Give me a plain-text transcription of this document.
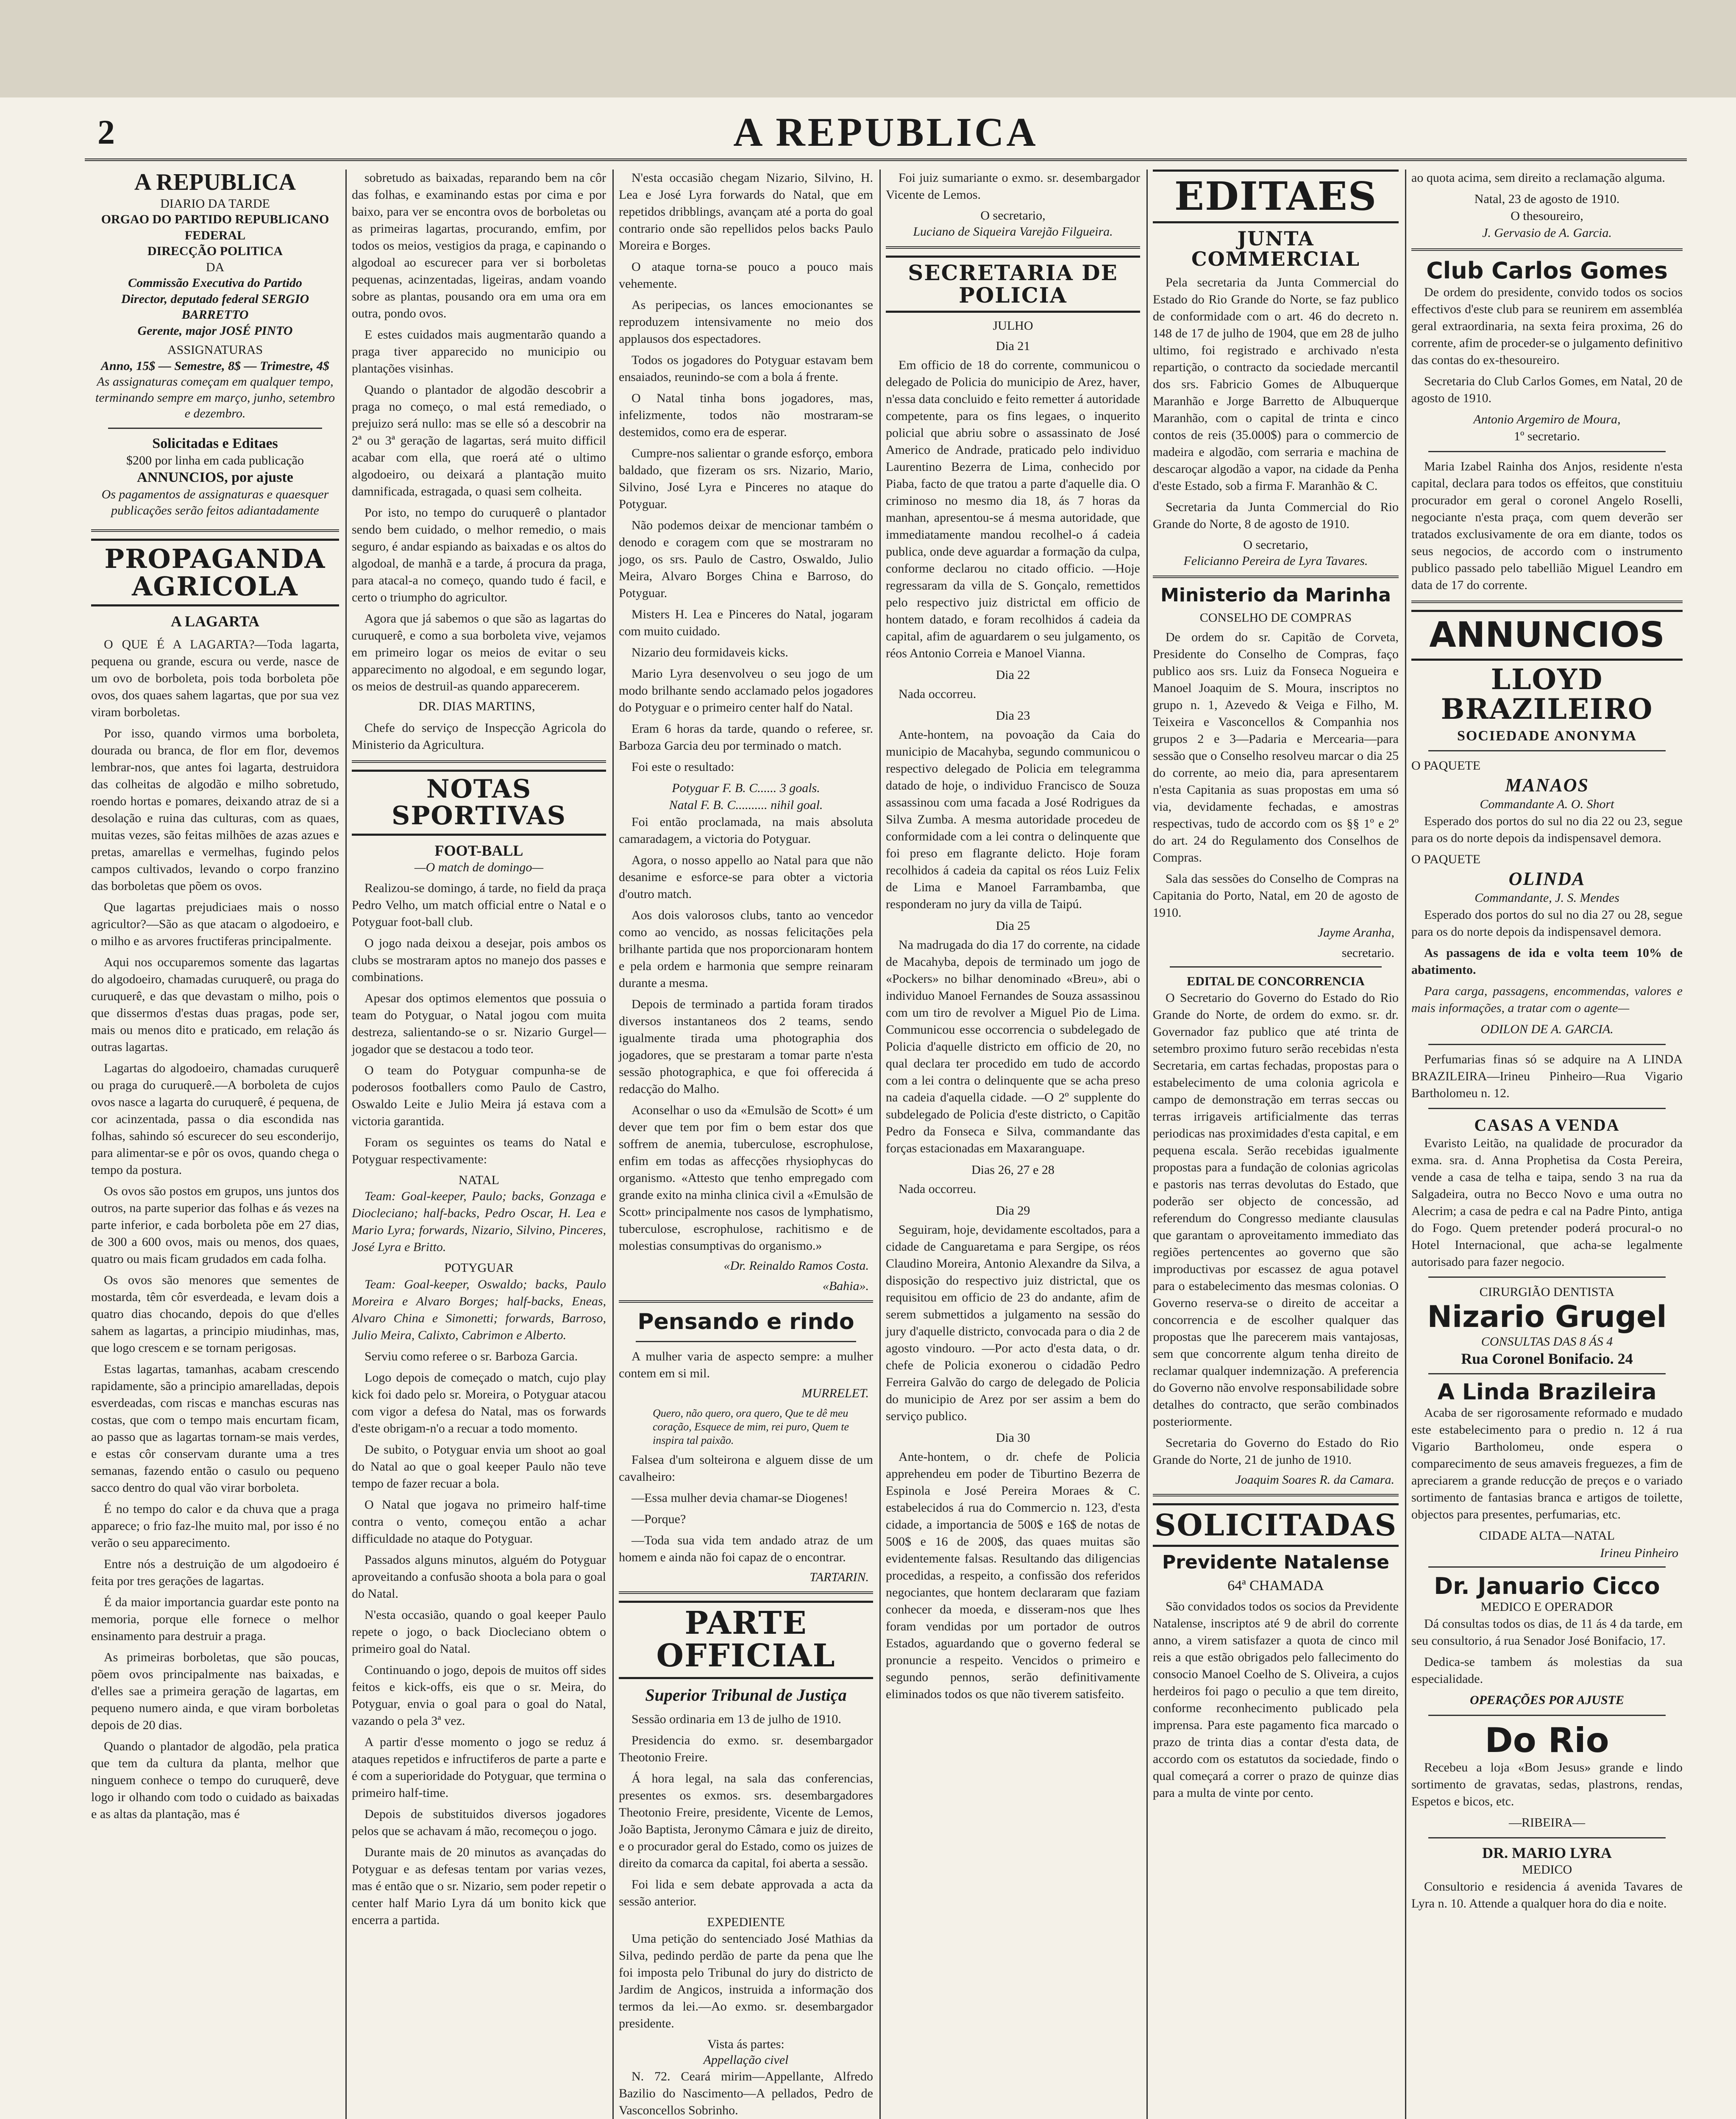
2	A REPUBLICA
A REPUBLICA
DIARIO DA TARDE
ORGAO DO PARTIDO REPUBLICANO FEDERAL
DIRECÇÃO POLITICA
DA
Commissão Executiva do Partido
Director, deputado federal SERGIO BARRETTO
Gerente, major JOSÉ PINTO
ASSIGNATURAS
Anno, 15$ — Semestre, 8$ — Trimestre, 4$
As assignaturas começam em qualquer tempo, terminando sempre em março, junho, setembro e dezembro.
Solicitadas e Editaes
$200 por linha em cada publicação
ANNUNCIOS, por ajuste
Os pagamentos de assignaturas e quaesquer publicações serão feitos adiantadamente
PROPAGANDA AGRICOLA
A LAGARTA

O QUE É A LAGARTA?—Toda lagarta, pequena ou grande, escura ou verde, nasce de um ovo de borboleta, pois toda borboleta põe ovos, dos quaes sahem lagartas, que por sua vez viram borboletas.

Por isso, quando virmos uma borboleta, dourada ou branca, de flor em flor, devemos lembrar-nos, que antes foi lagarta, destruidora das colheitas de algodão e milho sobretudo, roendo hortas e pomares, deixando atraz de si a desolação e ruina das culturas, com as quaes, muitas vezes, são feitas milhões de azas azues e pretas, amarellas e vermelhas, fugindo pelos campos cultivados, levando o corpo franzino das borboletas que põem os ovos.

Que lagartas prejudiciaes mais o nosso agricultor?—São as que atacam o algodoeiro, e o milho e as arvores fructiferas principalmente.

Aqui nos occuparemos somente das lagartas do algodoeiro, chamadas curuquerê, ou praga do curuquerê, e das que devastam o milho, pois o que dissermos d'estas duas pragas, pode ser, mais ou menos dito e praticado, em relação ás outras lagartas.

Lagartas do algodoeiro, chamadas curuquerê ou praga do curuquerê.—A borboleta de cujos ovos nasce a lagarta do curuquerê, é pequena, de cor acinzentada, passa o dia escondida nas folhas, sahindo só escurecer do seu esconderijo, para alimentar-se e pôr os ovos, quando chega o tempo da postura.

Os ovos são postos em grupos, uns juntos dos outros, na parte superior das folhas e ás vezes na parte inferior, e cada borboleta põe em 27 dias, de 300 a 600 ovos, mais ou menos, dos quaes, quatro ou mais ficam grudados em cada folha.

Os ovos são menores que sementes de mostarda, têm côr esverdeada, e levam dois a quatro dias chocando, depois do que d'elles sahem as lagartas, a principio miudinhas, mas, que logo crescem e se tornam perigosas.

Estas lagartas, tamanhas, acabam crescendo rapidamente, são a principio amarelladas, depois esverdeadas, com riscas e manchas escuras nas costas, que com o tempo mais encurtam ficam, ao passo que as lagartas tornam-se mais verdes, e estas côr conservam durante uma a tres semanas, fazendo então o casulo ou pequeno sacco dentro do qual vão virar borboleta.

É no tempo do calor e da chuva que a praga apparece; o frio faz-lhe muito mal, por isso é no verão o seu apparecimento.

Entre nós a destruição de um algodoeiro é feita por tres gerações de lagartas.

É da maior importancia guardar este ponto na memoria, porque elle fornece o melhor ensinamento para destruir a praga.

As primeiras borboletas, que são poucas, põem ovos principalmente nas baixadas, e d'elles sae a primeira geração de lagartas, em pequeno numero ainda, e que viram borboletas depois de 20 dias.

Quando o plantador de algodão, pela pratica que tem da cultura da planta, melhor que ninguem conhece o tempo do curuquerê, deve logo ir olhando com todo o cuidado as baixadas e as altas da plantação, mas é

sobretudo as baixadas, reparando bem na côr das folhas, e examinando estas por cima e por baixo, para ver se encontra ovos de borboletas ou as primeiras lagartas, procurando, emfim, por todos os meios, vestigios da praga, e capinando o algodoal ao escurecer para ver si borboletas pequenas, acinzentadas, ligeiras, andam voando sobre as plantas, pousando ora em uma ora em outra, pondo ovos.

E estes cuidados mais augmentarão quando a praga tiver apparecido no municipio ou plantações visinhas.

Quando o plantador de algodão descobrir a praga no começo, o mal está remediado, o prejuizo será nullo: mas se elle só a descobrir na 2ª ou 3ª geração de lagartas, será muito difficil acabar com ella, que roerá até o ultimo algodoeiro, ou deixará a plantação muito damnificada, estragada, o quasi sem colheita.

Por isto, no tempo do curuquerê o plantador sendo bem cuidado, o melhor remedio, o mais seguro, é andar espiando as baixadas e os altos do algodoal, de manhã e a tarde, á procura da praga, para atacal-a no começo, quando tudo é facil, e certo o triumpho do agricultor.

Agora que já sabemos o que são as lagartas do curuquerê, e como a sua borboleta vive, vejamos em primeiro logar os meios de evitar o seu apparecimento no algodoal, e em segundo logar, os meios de destruil-as quando apparecerem.

DR. DIAS MARTINS,

Chefe do serviço de Inspecção Agricola do Ministerio da Agricultura.

NOTAS SPORTIVAS
FOOT-BALL
—O match de domingo—

Realizou-se domingo, á tarde, no field da praça Pedro Velho, um match official entre o Natal e o Potyguar foot-ball club.

O jogo nada deixou a desejar, pois ambos os clubs se mostraram aptos no manejo dos passes e combinations.

Apesar dos optimos elementos que possuia o team do Potyguar, o Natal jogou com muita destreza, salientando-se o sr. Nizario Gurgel—jogador que se destacou a todo teor.

O team do Potyguar compunha-se de poderosos footballers como Paulo de Castro, Oswaldo Leite e Julio Meira já estava com a victoria garantida.

Foram os seguintes os teams do Natal e Potyguar respectivamente:

NATAL

Team: Goal-keeper, Paulo; backs, Gonzaga e Diocleciano; half-backs, Pedro Oscar, H. Lea e Mario Lyra; forwards, Nizario, Silvino, Pinceres, José Lyra e Britto.

POTYGUAR

Team: Goal-keeper, Oswaldo; backs, Paulo Moreira e Alvaro Borges; half-backs, Eneas, Alvaro China e Simonetti; forwards, Barroso, Julio Meira, Calixto, Cabrimon e Alberto.

Serviu como referee o sr. Barboza Garcia.

Logo depois de começado o match, cujo play kick foi dado pelo sr. Moreira, o Potyguar atacou com vigor a defesa do Natal, mas os forwards d'este obrigam-n'o a recuar a todo momento.

De subito, o Potyguar envia um shoot ao goal do Natal ao que o goal keeper Paulo não teve tempo de fazer recuar a bola.

O Natal que jogava no primeiro half-time contra o vento, começou então a achar difficuldade no ataque do Potyguar.

Passados alguns minutos, alguém do Potyguar aproveitando a confusão shoota a bola para o goal do Natal.

N'esta occasião, quando o goal keeper Paulo repete o jogo, o back Diocleciano obtem o primeiro goal do Natal.

Continuando o jogo, depois de muitos off sides feitos e kick-offs, eis que o sr. Meira, do Potyguar, envia o goal para o goal do Natal, vazando o pela 3ª vez.

A partir d'esse momento o jogo se reduz á ataques repetidos e infructiferos de parte a parte e é com a superioridade do Potyguar, que termina o primeiro half-time.

Depois de substituidos diversos jogadores pelos que se achavam á mão, recomeçou o jogo.

Durante mais de 20 minutos as avançadas do Potyguar e as defesas tentam por varias vezes, mas é então que o sr. Nizario, sem poder repetir o center half Mario Lyra dá um bonito kick que encerra a partida.

N'esta occasião chegam Nizario, Silvino, H. Lea e José Lyra forwards do Natal, que em repetidos dribblings, avançam até a porta do goal contrario onde são repellidos pelos backs Paulo Moreira e Borges.

O ataque torna-se pouco a pouco mais vehemente.

As peripecias, os lances emocionantes se reproduzem intensivamente no meio dos applausos dos espectadores.

Todos os jogadores do Potyguar estavam bem ensaiados, reunindo-se com a bola á frente.

O Natal tinha bons jogadores, mas, infelizmente, todos não mostraram-se destemidos, como era de esperar.

Cumpre-nos salientar o grande esforço, embora baldado, que fizeram os srs. Nizario, Mario, Silvino, José Lyra e Pinceres no ataque do Potyguar.

Não podemos deixar de mencionar também o denodo e coragem com que se mostraram no jogo, os srs. Paulo de Castro, Oswaldo, Julio Meira, Alvaro Borges China e Barroso, do Potyguar.

Misters H. Lea e Pinceres do Natal, jogaram com muito cuidado.

Nizario deu formidaveis kicks.

Mario Lyra desenvolveu o seu jogo de um modo brilhante sendo acclamado pelos jogadores do Potyguar e o primeiro center half do Natal.

Eram 6 horas da tarde, quando o referee, sr. Barboza Garcia deu por terminado o match.

Foi este o resultado:

Potyguar F. B. C...... 3 goals.
Natal F. B. C.......... nihil goal.

Foi então proclamada, na mais absoluta camaradagem, a victoria do Potyguar.

Agora, o nosso appello ao Natal para que não desanime e esforce-se para obter a victoria d'outro match.

Aos dois valorosos clubs, tanto ao vencedor como ao vencido, as nossas felicitações pela brilhante partida que nos proporcionaram hontem e pela ordem e harmonia que sempre reinaram durante a mesma.

Depois de terminado a partida foram tirados diversos instantaneos dos 2 teams, sendo igualmente tirada uma photographia dos jogadores, que se prestaram a tomar parte n'esta sessão photographica, e que foi offerecida á redacção do Malho.

Aconselhar o uso da «Emulsão de Scott» é um dever que tem por fim o bem estar dos que soffrem de anemia, tuberculose, escrophulose, enfim em todas as affecções rhysiophycas do organismo. «Attesto que tenho empregado com grande exito na minha clinica civil a «Emulsão de Scott» principalmente nos casos de lymphatismo, tuberculose, escrophulose, rachitismo e de molestias consumptivas do organismo.»

«Dr. Reinaldo Ramos Costa.
«Bahia».
Pensando e rindo

A mulher varia de aspecto sempre: a mulher contem em si mil.

MURRELET.
Quero, não quero, ora quero, Que te dê meu coração, Esquece de mim, rei puro, Quem te inspira tal paixão.

Falsea d'um solteirona e alguem disse de um cavalheiro:

—Essa mulher devia chamar-se Diogenes!

—Porque?

—Toda sua vida tem andado atraz de um homem e ainda não foi capaz de o encontrar.

TARTARIN.
PARTE OFFICIAL
Superior Tribunal de Justiça

Sessão ordinaria em 13 de julho de 1910.

Presidencia do exmo. sr. desembargador Theotonio Freire.

Á hora legal, na sala das conferencias, presentes os exmos. srs. desembargadores Theotonio Freire, presidente, Vicente de Lemos, João Baptista, Jeronymo Câmara e juiz de direito, e o procurador geral do Estado, como os juizes de direito da comarca da capital, foi aberta a sessão.

Foi lida e sem debate approvada a acta da sessão anterior.

EXPEDIENTE

Uma petição do sentenciado José Mathias da Silva, pedindo perdão de parte da pena que lhe foi imposta pelo Tribunal do jury do districto de Jardim de Angicos, instruida a informação dos termos da lei.—Ao exmo. sr. desembargador presidente.

Vista ás partes:
Appellação civel

N. 72. Ceará mirim—Appellante, Alfredo Bazilio do Nascimento—A pellados, Pedro de Vasconcellos Sobrinho.

Foi juiz sumariante o exmo. sr. desembargador Vicente de Lemos.

O secretario,
Luciano de Siqueira Varejão Filgueira.
SECRETARIA DE POLICIA
JULHO
Dia 21

Em officio de 18 do corrente, communicou o delegado de Policia do municipio de Arez, haver, n'essa data concluido e feito remetter á autoridade competente, para os fins legaes, o inquerito policial que abriu sobre o assassinato de José Americo de Andrade, praticado pelo individuo Laurentino Bezerra de Lima, conhecido por Piaba, facto de que tratou a parte d'aquelle dia. O criminoso no mesmo dia 18, ás 7 horas da manhan, apresentou-se á mesma autoridade, que immediatamente mandou recolhel-o á cadeia publica, onde deve aguardar a formação da culpa, conforme declarou no citado officio. —Hoje regressaram da villa de S. Gonçalo, remettidos pelo respectivo juiz districtal em officio de hontem datado, e foram recolhidos á cadeia da capital, afim de aguardarem o seu julgamento, os réos Antonio Correia e Manoel Vianna.

Dia 22

Nada occorreu.

Dia 23

Ante-hontem, na povoação da Caia do municipio de Macahyba, segundo communicou o respectivo delegado de Policia em telegramma datado de hoje, o individuo Francisco de Souza assassinou com uma facada a José Rodrigues da Silva Zumba. A mesma autoridade procedeu de conformidade com a lei contra o delinquente que foi preso em flagrante delicto. Hoje foram recolhidos á cadeia da capital os réos Luiz Felix de Lima e Manoel Farrambamba, que responderam no jury da villa de Taipú.

Dia 25

Na madrugada do dia 17 do corrente, na cidade de Macahyba, depois de terminado um jogo de «Pockers» no bilhar denominado «Breu», abi o individuo Manoel Fernandes de Souza assassinou com um tiro de revolver a Miguel Pio de Lima. Communicou esse occorrencia o subdelegado de Policia d'aquelle districto em officio de 20, no qual declara ter procedido em tudo de accordo com a lei contra o delinquente que se acha preso na cadeia d'aquella cidade. —O 2º supplente do subdelegado de Policia d'este districto, o Capitão Pedro da Fonseca e Silva, commandante das forças estacionadas em Maxaranguape.

Dias 26, 27 e 28

Nada occorreu.

Dia 29

Seguiram, hoje, devidamente escoltados, para a cidade de Canguaretama e para Sergipe, os réos Claudino Moreira, Antonio Alexandre da Silva, a disposição do respectivo juiz districtal, que os requisitou em officio de 23 do andante, afim de serem submettidos a julgamento na sessão do jury d'aquelle districto, convocada para o dia 2 de agosto vindouro. —Por acto d'esta data, o dr. chefe de Policia exonerou o cidadão Pedro Ferreira Galvão do cargo de delegado de Policia do municipio de Arez por ser assim a bem do serviço publico.

Dia 30

Ante-hontem, o dr. chefe de Policia apprehendeu em poder de Tiburtino Bezerra de Espinola e José Pereira Moraes & C. estabelecidos á rua do Commercio n. 123, d'esta cidade, a importancia de 500$ e 16$ de notas de 500$ e 16 de 200$, das quaes muitas são evidentemente falsas. Resultando das diligencias procedidas, a respeito, a confissão dos referidos negociantes, que hontem declararam que faziam conhecer da moeda, e disseram-nos que lhes foram vendidas por um portador de outros Estados, aguardando que o governo federal se pronuncie a respeito. Vencidos o primeiro e segundo pennos, serão definitivamente eliminados todos os que não tiverem satisfeito.

EDITAES
JUNTA COMMERCIAL

Pela secretaria da Junta Commercial do Estado do Rio Grande do Norte, se faz publico de conformidade com o art. 46 do decreto n. 148 de 17 de julho de 1904, que em 28 de julho ultimo, foi registrado e archivado n'esta repartição, o contracto da sociedade mercantil dos srs. Fabricio Gomes de Albuquerque Maranhão e Jorge Barretto de Albuquerque Maranhão, com o capital de trinta e cinco contos de reis (35.000$) para o commercio de madeira e algodão, com serraria e machina de descaroçar algodão a vapor, na cidade da Penha d'este Estado, sob a firma F. Maranhão & C.

Secretaria da Junta Commercial do Rio Grande do Norte, 8 de agosto de 1910.

O secretario,
Felicianno Pereira de Lyra Tavares.
Ministerio da Marinha
CONSELHO DE COMPRAS

De ordem do sr. Capitão de Corveta, Presidente do Conselho de Compras, faço publico aos srs. Luiz da Fonseca Nogueira e Manoel Joaquim de S. Moura, inscriptos no grupo n. 1, Azevedo & Veiga e Filho, M. Teixeira e Vasconcellos & Companhia nos grupos 2 e 3—Padaria e Mercearia—para sessão que o Conselho resolveu marcar o dia 25 do corrente, ao meio dia, para apresentarem n'esta Capitania as suas propostas em uma só via, devidamente fechadas, e amostras respectivas, tudo de accordo com os §§ 1º e 2º do art. 24 do Regulamento dos Conselhos de Compras.

Sala das sessões do Conselho de Compras na Capitania do Porto, Natal, em 20 de agosto de 1910.

Jayme Aranha,
secretario.
EDITAL DE CONCORRENCIA

O Secretario do Governo do Estado do Rio Grande do Norte, de ordem do exmo. sr. dr. Governador faz publico que até trinta de setembro proximo futuro serão recebidas n'esta Secretaria, em cartas fechadas, propostas para o estabelecimento de uma colonia agricola e campo de demonstração em terras seccas ou terras irrigaveis artificialmente das terras periodicas nas proximidades d'esta capital, e em pequena escala. Serão recebidas igualmente propostas para a fundação de colonias agricolas e pastoris nas terras devolutas do Estado, que poderão ser objecto de concessão, ad referendum do Congresso mediante clausulas que garantam o aproveitamento immediato das regiões pertencentes ao governo que são improductivas por escassez de agua potavel para o estabelecimento das mesmas colonias. O Governo reserva-se o direito de acceitar a concorrencia e de escolher qualquer das propostas que lhe parecerem mais vantajosas, sem que concorrente algum tenha direito de reclamar qualquer indemnização. A preferencia do Governo não envolve responsabilidade sobre detalhes do contracto, que serão combinados posteriormente.

Secretaria do Governo do Estado do Rio Grande do Norte, 21 de junho de 1910.

Joaquim Soares R. da Camara.
SOLICITADAS
Previdente Natalense
64ª CHAMADA

São convidados todos os socios da Previdente Natalense, inscriptos até 9 de abril do corrente anno, a virem satisfazer a quota de cinco mil reis a que estão obrigados pelo fallecimento do consocio Manoel Coelho de S. Oliveira, a cujos herdeiros foi pago o peculio a que tem direito, conforme reconhecimento publicado pela imprensa. Para este pagamento fica marcado o prazo de trinta dias a contar d'esta data, de accordo com os estatutos da sociedade, findo o qual começará a correr o prazo de quinze dias para a multa de vinte por cento.

ao quota acima, sem direito a reclamação alguma.

Natal, 23 de agosto de 1910.
O thesoureiro,
J. Gervasio de A. Garcia.
Club Carlos Gomes

De ordem do presidente, convido todos os socios effectivos d'este club para se reunirem em assembléa geral extraordinaria, na sexta feira proxima, 26 do corrente, afim de proceder-se o julgamento definitivo das contas do ex-thesoureiro.

Secretaria do Club Carlos Gomes, em Natal, 20 de agosto de 1910.

Antonio Argemiro de Moura,
1º secretario.

Maria Izabel Rainha dos Anjos, residente n'esta capital, declara para todos os effeitos, que constituiu procurador em geral o coronel Angelo Roselli, negociante n'esta praça, com quem deverão ser tratados exclusivamente de ora em diante, todos os seus negocios, de accordo com o instrumento publico passado pelo tabellião Miguel Leandro em data de 17 do corrente.

ANNUNCIOS
LLOYD BRAZILEIRO
SOCIEDADE ANONYMA
O PAQUETE
MANAOS
Commandante A. O. Short

Esperado dos portos do sul no dia 22 ou 23, segue para os do norte depois da indispensavel demora.

O PAQUETE
OLINDA
Commandante, J. S. Mendes

Esperado dos portos do sul no dia 27 ou 28, segue para os do norte depois da indispensavel demora.

As passagens de ida e volta teem 10% de abatimento.

Para carga, passagens, encommendas, valores e mais informações, a tratar com o agente—

ODILON DE A. GARCIA.

Perfumarias finas só se adquire na A LINDA BRAZILEIRA—Irineu Pinheiro—Rua Vigario Bartholomeu n. 12.

CASAS A VENDA

Evaristo Leitão, na qualidade de procurador da exma. sra. d. Anna Prophetisa da Costa Pereira, vende a casa de telha e taipa, sendo 3 na rua da Salgadeira, outra no Becco Novo e uma outra no Alecrim; a casa de pedra e cal na Padre Pinto, antiga do Fogo. Quem pretender poderá procural-o no Hotel Internacional, que acha-se legalmente autorisado para fazer negocio.

CIRURGIÃO DENTISTA
Nizario Grugel
CONSULTAS DAS 8 ÁS 4
Rua Coronel Bonifacio. 24
A Linda Brazileira

Acaba de ser rigorosamente reformado e mudado este estabelecimento para o predio n. 12 á rua Vigario Bartholomeu, onde espera o comparecimento de seus amaveis freguezes, a fim de apreciarem a grande reducção de preços e o variado sortimento de fantasias branca e artigos de toilette, objectos para presentes, perfumarias, etc.

CIDADE ALTA—NATAL
Irineu Pinheiro
Dr. Januario Cicco
MEDICO E OPERADOR

Dá consultas todos os dias, de 11 ás 4 da tarde, em seu consultorio, á rua Senador José Bonifacio, 17.

Dedica-se tambem ás molestias da sua especialidade.

OPERAÇÕES POR AJUSTE
Do Rio

Recebeu a loja «Bom Jesus» grande e lindo sortimento de gravatas, sedas, plastrons, rendas, Espetos e bicos, etc.

—RIBEIRA—
DR. MARIO LYRA
MEDICO

Consultorio e residencia á avenida Tavares de Lyra n. 10. Attende a qualquer hora do dia e noite.
